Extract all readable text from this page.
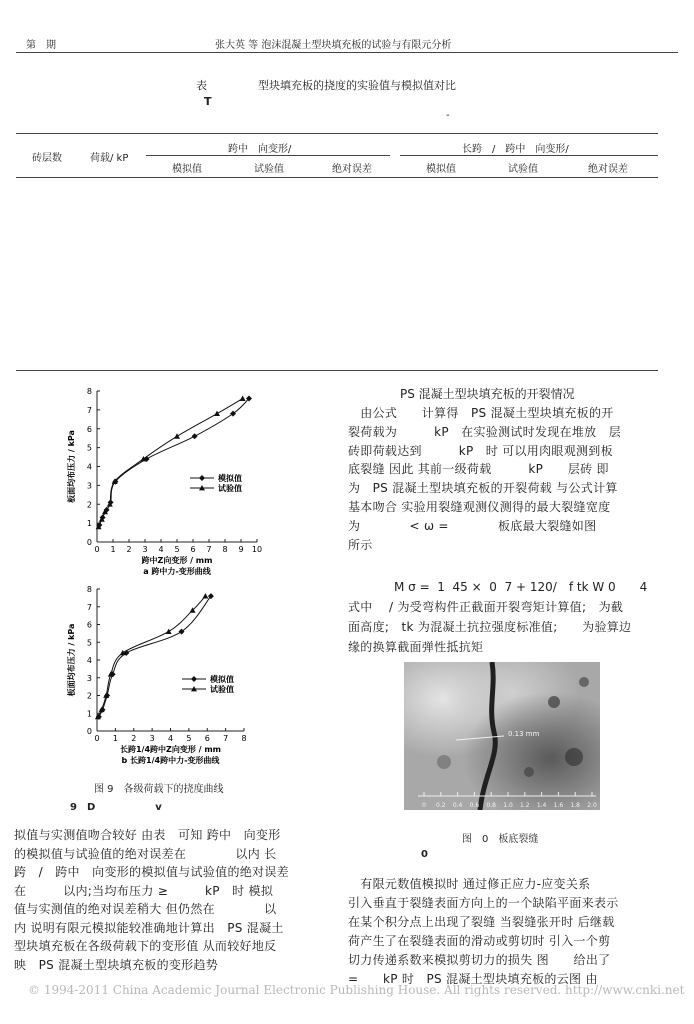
第　期	张大英 等 泡沫混凝土型块填充板的试验与有限元分析
表	型块填充板的挠度的实验值与模拟值对比
T
-
砖层数	荷载/ kP
跨中　向变形/	长跨　/　跨中　向变形/
模拟值	试验值	绝对误差	模拟值	试验值	绝对误差
0 1 2 3 4 5 6 7 8 9 10
0
1
2
3
4
5
6
7
8
跨中Z向变形 / mm
a 跨中力-变形曲线
板面均布压力 / kPa	模拟值
试验值
0 1 2 3 4 5 6 7 8
0
1
2
3
4
5
6
7
8
长跨1/4跨中Z向变形 / mm
b 长跨1/4跨中力-变形曲线
板面均布压力 / kPa	模拟值
试验值
图 9　各级荷载下的挠度曲线
9　D　　　　　　v
拟值与实测值吻合较好 由表　可知 跨中　向变形
的模拟值与试验值的绝对误差在　　　　以内 长
跨　/　跨中　向变形的模拟值与试验值的绝对误差
在　　　以内;当均布压力 ≥　　　kP　时 模拟
值与实测值的绝对误差稍大 但仍然在　　　　以
内 说明有限元模拟能较准确地计算出　PS 混凝土
型块填充板在各级荷载下的变形值 从而较好地反
映　PS 混凝土型块填充板的变形趋势
PS 混凝土型块填充板的开裂情况
　由公式　　计算得　PS 混凝土型块填充板的开
裂荷载为　　　kP　在实验测试时发现在堆放　层
砖即荷载达到　　　kP　时 可以用肉眼观测到板
底裂缝 因此 其前一级荷载　　　kP　　层砖 即
为　PS 混凝土型块填充板的开裂荷载 与公式计算
基本吻合 实验用裂缝观测仪测得的最大裂缝宽度
为　　　　< ω =　　　　板底最大裂缝如图
所示
M σ =  1  45 ×  0  7 + 120/　f tk W 0　　4
式中　 / 为受弯构件正截面开裂弯矩计算值;　为截
面高度;　tk 为混凝土抗拉强度标准值;　　为验算边
缘的换算截面弹性抵抗矩
0.13 mm
0 0.2 0.4 0.6 0.8 1.0 1.2 1.4 1.6 1.8 2.0
图　0　板底裂缝
0
　有限元数值模拟时 通过修正应力-应变关系
引入垂直于裂缝表面方向上的一个缺陷平面来表示
在某个积分点上出现了裂缝 当裂缝张开时 后继载
荷产生了在裂缝表面的滑动或剪切时 引入一个剪
切力传递系数来模拟剪切力的损失 图　　给出了
=　　kP 时　PS 混凝土型块填充板的云图 由
© 1994-2011 China Academic Journal Electronic Publishing House. All rights reserved. http://www.cnki.net
